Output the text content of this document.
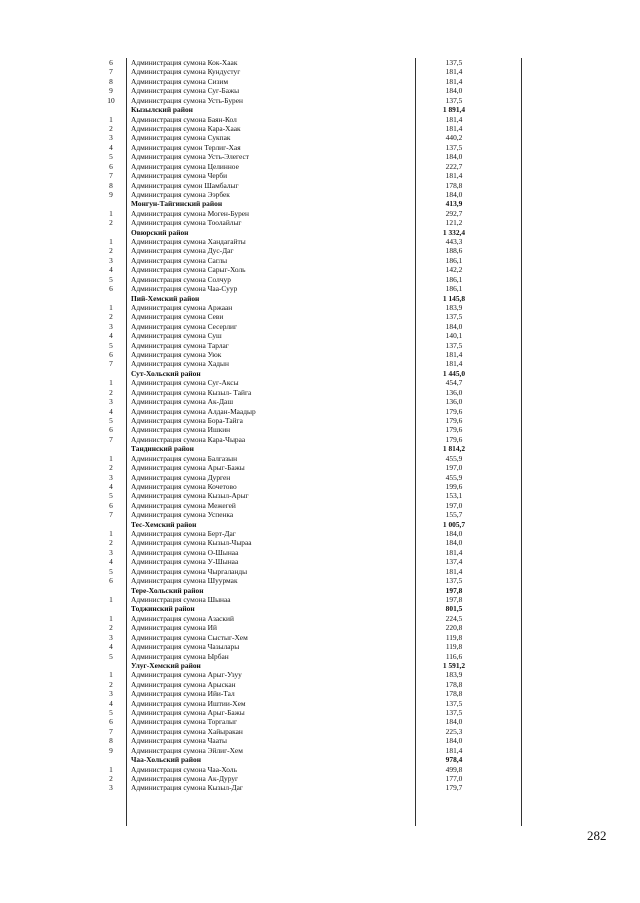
6	Администрация сумона Кок-Хаак	137,5
7	Администрация сумона Кундустуг	181,4
8	Администрация сумона Сизим	181,4
9	Администрация сумона Суг-Бажы	184,0
10	Администрация сумона Усть-Бурен	137,5
Кызылский район	1 891,4
1	Администрация сумона Баян-Кол	181,4
2	Администрация сумона Кара-Хаак	181,4
3	Администрация сумона Сукпак	440,2
4	Администрация сумон Терлиг-Хая	137,5
5	Администрация сумона Усть-Элегест	184,0
6	Администрация сумона Целинное	222,7
7	Администрация сумона Черби	181,4
8	Администрация сумон Шамбалыг	178,8
9	Администрация сумона Ээрбек	184,0
Монгун-Тайгинский район	413,9
1	Администрация сумона Моген-Бурен	292,7
2	Администрация сумона Тоолайлыг	121,2
Овюрский район	1 332,4
1	Администрация сумона Хандагайты	443,3
2	Администрация сумона Дус-Даг	188,6
3	Администрация сумона Саглы	186,1
4	Администрация сумона Сарыг-Холь	142,2
5	Администрация сумона Солчур	186,1
6	Администрация сумона Чаа-Суур	186,1
Пий-Хемский район	1 145,8
1	Администрация сумона Аржаан	183,9
2	Администрация сумона Севи	137,5
3	Администрация сумона Сесерлиг	184,0
4	Администрация сумона Суш	140,1
5	Администрация сумона Тарлаг	137,5
6	Администрация сумона Уюк	181,4
7	Администрация сумона Хадын	181,4
Сут-Хольский район	1 445,0
1	Администрация сумона Суг-Аксы	454,7
2	Администрация сумона Кызыл- Тайга	136,0
3	Администрация сумона Ак-Даш	136,0
4	Администрация сумона Алдан-Маадыр	179,6
5	Администрация сумона Бора-Тайга	179,6
6	Администрация сумона Ишкин	179,6
7	Администрация сумона Кара-Чыраа	179,6
Тандинский район	1 814,2
1	Администрация сумона Балгазын	455,9
2	Администрация сумона Арыг-Бажы	197,0
3	Администрация сумона Дурген	455,9
4	Администрация сумона Кочетово	199,6
5	Администрация сумона Кызыл-Арыг	153,1
6	Администрация сумона Межегей	197,0
7	Администрация сумона Успенка	155,7
Тес-Хемский район	1 005,7
1	Администрация сумона Берт-Даг	184,0
2	Администрация сумона Кызыл-Чыраа	184,0
3	Администрация сумона О-Шынаа	181,4
4	Администрация сумона У-Шынаа	137,4
5	Администрация сумона Чыргаланды	181,4
6	Администрация сумона Шуурмак	137,5
Тере-Хольский район	197,8
1	Администрация сумона Шынаа	197,8
Тоджинский район	801,5
1	Администрация сумона Азаский	224,5
2	Администрация сумона Ий	220,8
3	Администрация сумона Сыстыг-Хем	119,8
4	Администрация сумона Чазылары	119,8
5	Администрация сумона Ырбан	116,6
Улуг-Хемский район	1 591,2
1	Администрация сумона Арыг-Узуу	183,9
2	Администрация сумона Арыскан	178,8
3	Администрация сумона Ийи-Тал	178,8
4	Администрация сумона Иштии-Хем	137,5
5	Администрация сумона Арыг-Бажы	137,5
6	Администрация сумона Торгалыг	184,0
7	Администрация сумона Хайыракан	225,3
8	Администрация сумона Чааты	184,0
9	Администрация сумона Эйлиг-Хем	181,4
Чаа-Хольский район	978,4
1	Администрация сумона Чаа-Холь	499,8
2	Администрация сумона Ак-Дуруг	177,0
3	Администрация сумона Кызыл-Даг	179,7
282
